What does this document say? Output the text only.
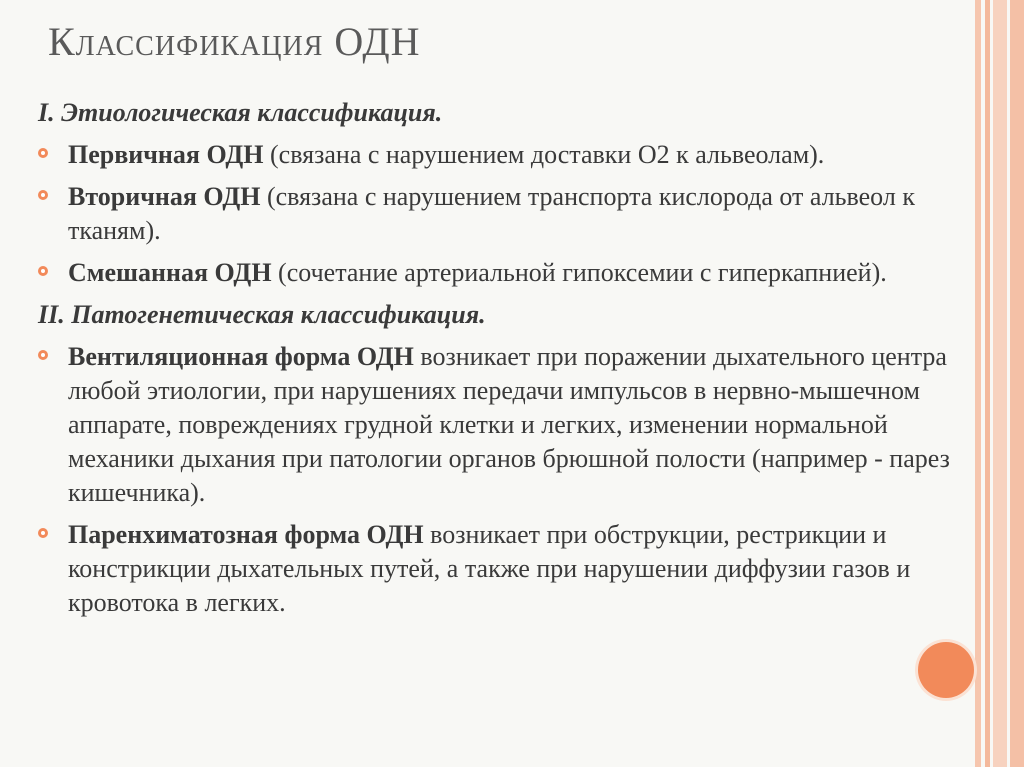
Классификация ОДН
I. Этиологическая классификация.
Первичная ОДН (связана с нарушением доставки O2 к альвеолам).
Вторичная ОДН (связана с нарушением транспорта кислорода от альвеол к тканям).
Смешанная ОДН (сочетание артериальной гипоксемии с гиперкапнией).
II. Патогенетическая классификация.
Вентиляционная форма ОДН возникает при поражении дыхательного центра любой этиологии, при нарушениях передачи импульсов в нервно-мышечном аппарате, повреждениях грудной клетки и легких, изменении нормальной механики дыхания при патологии органов брюшной полости (например - парез кишечника).
Паренхиматозная форма ОДН возникает при обструкции, рестрикции и констрикции дыхательных путей, а также при нарушении диффузии газов и кровотока в легких.
